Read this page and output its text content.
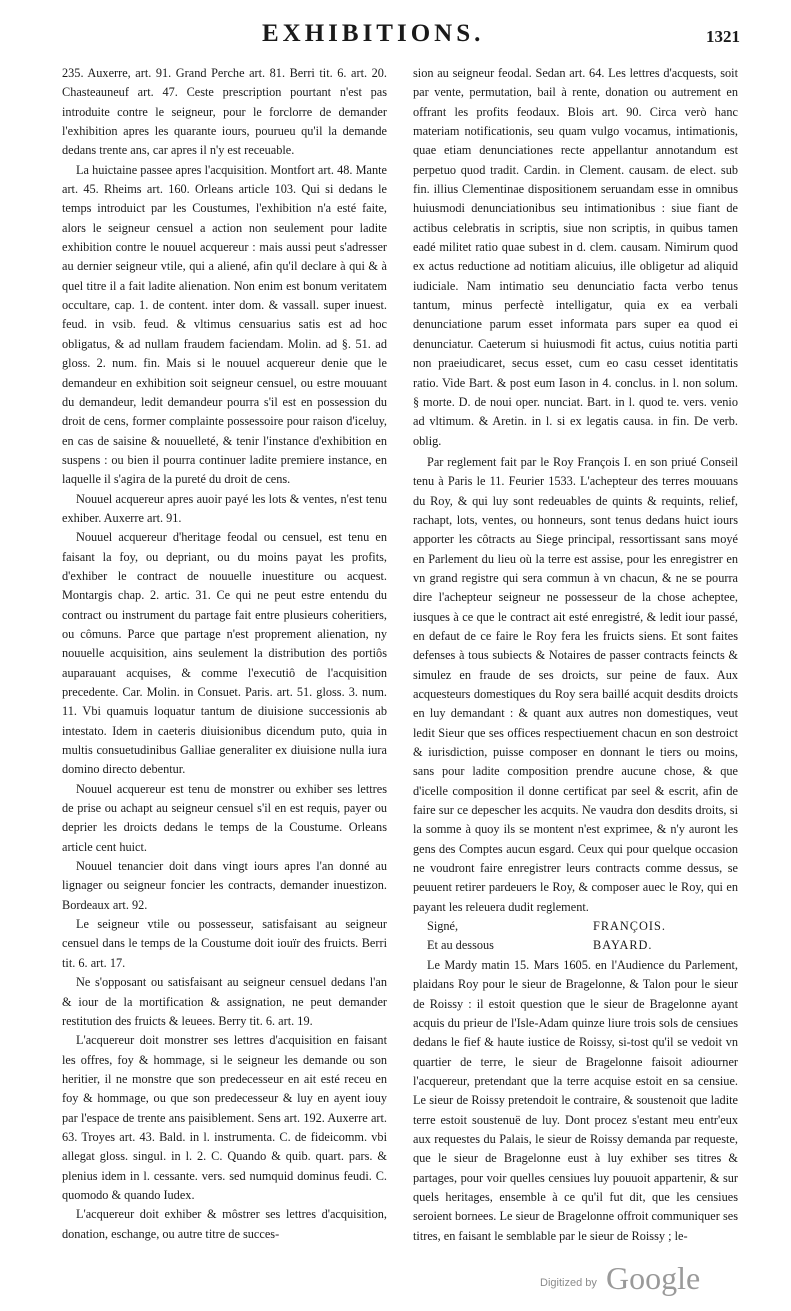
EXHIBITIONS.	1321

235. Auxerre, art. 91. Grand Perche art. 81. Berri tit. 6. art. 20. Chasteauneuf art. 47. Ceste prescription pourtant n'est pas introduite contre le seigneur, pour le forclorre de demander l'exhibition apres les quarante iours, pourueu qu'il la demande dedans trente ans, car apres il n'y est receuable.

La huictaine passee apres l'acquisition. Montfort art. 48. Mante art. 45. Rheims art. 160. Orleans article 103. Qui si dedans le temps introduict par les Coustumes, l'exhibition n'a esté faite, alors le seigneur censuel a action non seulement pour ladite exhibition contre le nouuel acquereur : mais aussi peut s'adresser au dernier seigneur vtile, qui a aliené, afin qu'il declare à qui & à quel titre il a fait ladite alienation. Non enim est bonum veritatem occultare, cap. 1. de content. inter dom. & vassall. super inuest. feud. in vsib. feud. & vltimus censuarius satis est ad hoc obligatus, & ad nullam fraudem faciendam. Molin. ad §. 51. ad gloss. 2. num. fin. Mais si le nouuel acquereur denie que le demandeur en exhibition soit seigneur censuel, ou estre mouuant du demandeur, ledit demandeur pourra s'il est en possession du droit de cens, former complainte possessoire pour raison d'iceluy, en cas de saisine & nouuelleté, & tenir l'instance d'exhibition en suspens : ou bien il pourra continuer ladite premiere instance, en laquelle il s'agira de la pureté du droit de cens.

Nouuel acquereur apres auoir payé les lots & ventes, n'est tenu exhiber. Auxerre art. 91.

Nouuel acquereur d'heritage feodal ou censuel, est tenu en faisant la foy, ou depriant, ou du moins payat les profits, d'exhiber le contract de nouuelle inuestiture ou acquest. Montargis chap. 2. artic. 31. Ce qui ne peut estre entendu du contract ou instrument du partage fait entre plusieurs coheritiers, ou cômuns. Parce que partage n'est proprement alienation, ny nouuelle acquisition, ains seulement la distribution des portiôs auparauant acquises, & comme l'executiô de l'acquisition precedente. Car. Molin. in Consuet. Paris. art. 51. gloss. 3. num. 11. Vbi quamuis loquatur tantum de diuisione successionis ab intestato. Idem in caeteris diuisionibus dicendum puto, quia in multis consuetudinibus Galliae generaliter ex diuisione nulla iura domino directo debentur.

Nouuel acquereur est tenu de monstrer ou exhiber ses lettres de prise ou achapt au seigneur censuel s'il en est requis, payer ou deprier les droicts dedans le temps de la Coustume. Orleans article cent huict.

Nouuel tenancier doit dans vingt iours apres l'an donné au lignager ou seigneur foncier les contracts, demander inuestizon. Bordeaux art. 92.

Le seigneur vtile ou possesseur, satisfaisant au seigneur censuel dans le temps de la Coustume doit iouïr des fruicts. Berri tit. 6. art. 17.

Ne s'opposant ou satisfaisant au seigneur censuel dedans l'an & iour de la mortification & assignation, ne peut demander restitution des fruicts & leuees. Berry tit. 6. art. 19.

L'acquereur doit monstrer ses lettres d'acquisition en faisant les offres, foy & hommage, si le seigneur les demande ou son heritier, il ne monstre que son predecesseur en ait esté receu en foy & hommage, ou que son predecesseur & luy en ayent iouy par l'espace de trente ans paisiblement. Sens art. 192. Auxerre art. 63. Troyes art. 43. Bald. in l. instrumenta. C. de fideicomm. vbi allegat gloss. singul. in l. 2. C. Quando & quib. quart. pars. & plenius idem in l. cessante. vers. sed numquid dominus feudi. C. quomodo & quando Iudex.

L'acquereur doit exhiber & môstrer ses lettres d'acquisition, donation, eschange, ou autre titre de succes-

sion au seigneur feodal. Sedan art. 64. Les lettres d'acquests, soit par vente, permutation, bail à rente, donation ou autrement en offrant les profits feodaux. Blois art. 90. Circa verò hanc materiam notificationis, seu quam vulgo vocamus, intimationis, quae etiam denunciationes recte appellantur annotandum est perpetuo quod tradit. Cardin. in Clement. causam. de elect. sub fin. illius Clementinae dispositionem seruandam esse in omnibus huiusmodi denunciationibus seu intimationibus : siue fiant de actibus celebratis in scriptis, siue non scriptis, in quibus tamen eadé militet ratio quae subest in d. clem. causam. Nimirum quod ex actus reductione ad notitiam alicuius, ille obligetur ad aliquid iudiciale. Nam intimatio seu denunciatio facta verbo tenus tantum, minus perfectè intelligatur, quia ex ea verbali denunciatione parum esset informata pars super ea quod ei denunciatur. Caeterum si huiusmodi fit actus, cuius notitia parti non praeiudicaret, secus esset, cum eo casu cesset identitatis ratio. Vide Bart. & post eum Iason in 4. conclus. in l. non solum. § morte. D. de noui oper. nunciat. Bart. in l. quod te. vers. venio ad vltimum. & Aretin. in l. si ex legatis causa. in fin. De verb. oblig.

Par reglement fait par le Roy François I. en son priué Conseil tenu à Paris le 11. Feurier 1533. L'achepteur des terres mouuans du Roy, & qui luy sont redeuables de quints & requints, relief, rachapt, lots, ventes, ou honneurs, sont tenus dedans huict iours apporter les côtracts au Siege principal, ressortissant sans moyé en Parlement du lieu où la terre est assise, pour les enregistrer en vn grand registre qui sera commun à vn chacun, & ne se pourra dire l'achepteur seigneur ne possesseur de la chose acheptee, iusques à ce que le contract ait esté enregistré, & ledit iour passé, en defaut de ce faire le Roy fera les fruicts siens. Et sont faites defenses à tous subiects & Notaires de passer contracts feincts & simulez en fraude de ses droicts, sur peine de faux. Aux acquesteurs domestiques du Roy sera baillé acquit desdits droicts en luy demandant : & quant aux autres non domestiques, veut ledit Sieur que ses offices respectiuement chacun en son destroict & iurisdiction, puisse composer en donnant le tiers ou moins, sans pour ladite composition prendre aucune chose, & que d'icelle composition il donne certificat par seel & escrit, afin de faire sur ce depescher les acquits. Ne vaudra don desdits droits, si la somme à quoy ils se montent n'est exprimee, & n'y auront les gens des Comptes aucun esgard. Ceux qui pour quelque occasion ne voudront faire enregistrer leurs contracts comme dessus, se peuuent retirer pardeuers le Roy, & composer auec le Roy, qui en payant les releuera dudit reglement.

Signé,	FRANÇOIS.
Et au dessous	BAYARD.

Le Mardy matin 15. Mars 1605. en l'Audience du Parlement, plaidans Roy pour le sieur de Bragelonne, & Talon pour le sieur de Roissy : il estoit question que le sieur de Bragelonne ayant acquis du prieur de l'Isle-Adam quinze liure trois sols de censiues dedans le fief & haute iustice de Roissy, si-tost qu'il se vedoit vn quartier de terre, le sieur de Bragelonne faisoit adiourner l'acquereur, pretendant que la terre acquise estoit en sa censiue. Le sieur de Roissy pretendoit le contraire, & soustenoit que ladite terre estoit soustenuë de luy. Dont procez s'estant meu entr'eux aux requestes du Palais, le sieur de Roissy demanda par requeste, que le sieur de Bragelonne eust à luy exhiber ses titres & partages, pour voir quelles censiues luy pouuoit appartenir, & sur quels heritages, ensemble à ce qu'il fut dit, que les censiues seroient bornees. Le sieur de Bragelonne offroit communiquer ses titres, en faisant le semblable par le sieur de Roissy ; le-

Digitized by Google
